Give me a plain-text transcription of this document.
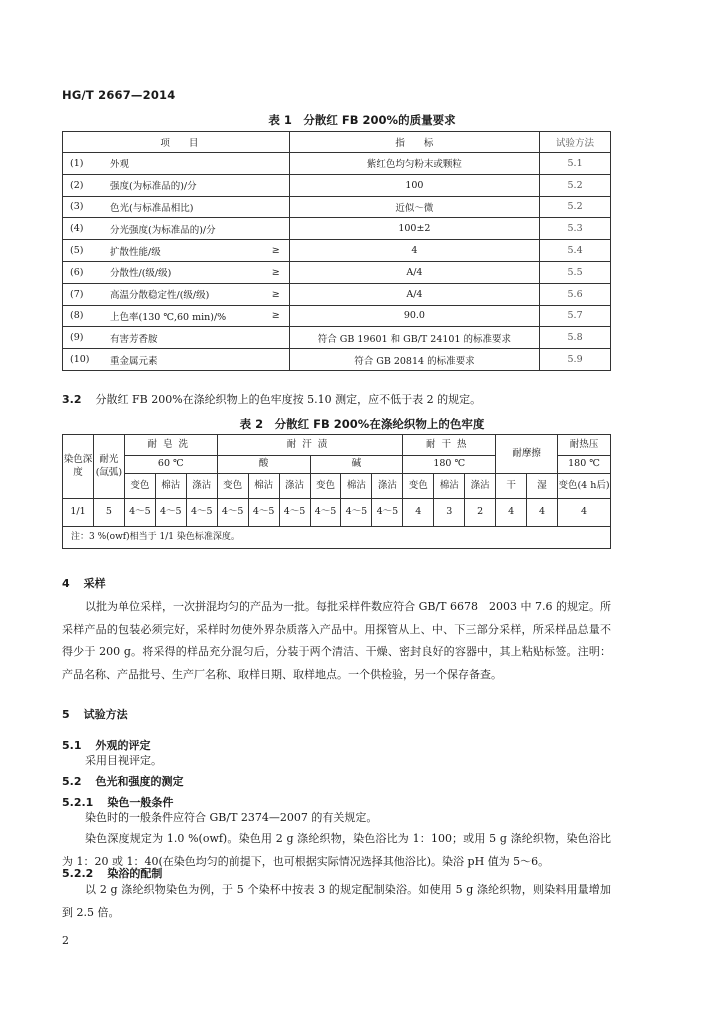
HG/T 2667—2014
表 1　分散红 FB 200%的质量要求
项　　目	指　　标	试验方法

(1) 外观	紫红色均匀粉末或颗粒	5.1

(2) 强度(为标准品的)/分	100	5.2

(3) 色光(与标准品相比)	近似～微	5.2

(4) 分光强度(为标准品的)/分	100±2	5.3

(5) 扩散性能/级 ≥	4	5.4

(6) 分散性/(级/级) ≥	A/4	5.5

(7) 高温分散稳定性/(级/级) ≥	A/4	5.6

(8) 上色率(130 ℃,60 min)/% ≥	90.0	5.7

(9) 有害芳香胺	符合 GB 19601 和 GB/T 24101 的标准要求	5.8

(10) 重金属元素	符合 GB 20814 的标准要求	5.9
3.2 分散红 FB 200%在涤纶织物上的色牢度按 5.10 测定，应不低于表 2 的规定。
表 2　分散红 FB 200%在涤纶织物上的色牢度
染色深度	耐光(氙弧)	耐皂洗			耐汗渍						耐干热			耐摩擦		耐热压
		60 ℃			酸			碱			180 ℃					180 ℃
		变色	棉沾	涤沾	变色	棉沾	涤沾	变色	棉沾	涤沾	变色	棉沾	涤沾	干	湿	变色(4 h后)
1/1	5	4～5	4～5	4～5	4～5	4～5	4～5	4～5	4～5	4～5	4	3	2	4	4	4
注：3 %(owf)相当于 1/1 染色标准深度。																
4 采样
以批为单位采样，一次拼混均匀的产品为一批。每批采样件数应符合 GB/T 6678　2003 中 7.6 的规定。所采样产品的包装必须完好，采样时勿使外界杂质落入产品中。用探管从上、中、下三部分采样，所采样品总量不得少于 200 g。将采得的样品充分混匀后，分装于两个清洁、干燥、密封良好的容器中，其上粘贴标签。注明：产品名称、产品批号、生产厂名称、取样日期、取样地点。一个供检验，另一个保存备查。
5 试验方法
5.1 外观的评定
采用目视评定。
5.2 色光和强度的测定
5.2.1 染色一般条件
染色时的一般条件应符合 GB/T 2374—2007 的有关规定。
染色深度规定为 1.0 %(owf)。染色用 2 g 涤纶织物，染色浴比为 1：100；或用 5 g 涤纶织物，染色浴比为 1：20 或 1：40(在染色均匀的前提下，也可根据实际情况选择其他浴比)。染浴 pH 值为 5～6。
5.2.2 染浴的配制
以 2 g 涤纶织物染色为例，于 5 个染杯中按表 3 的规定配制染浴。如使用 5 g 涤纶织物，则染料用量增加到 2.5 倍。
2
